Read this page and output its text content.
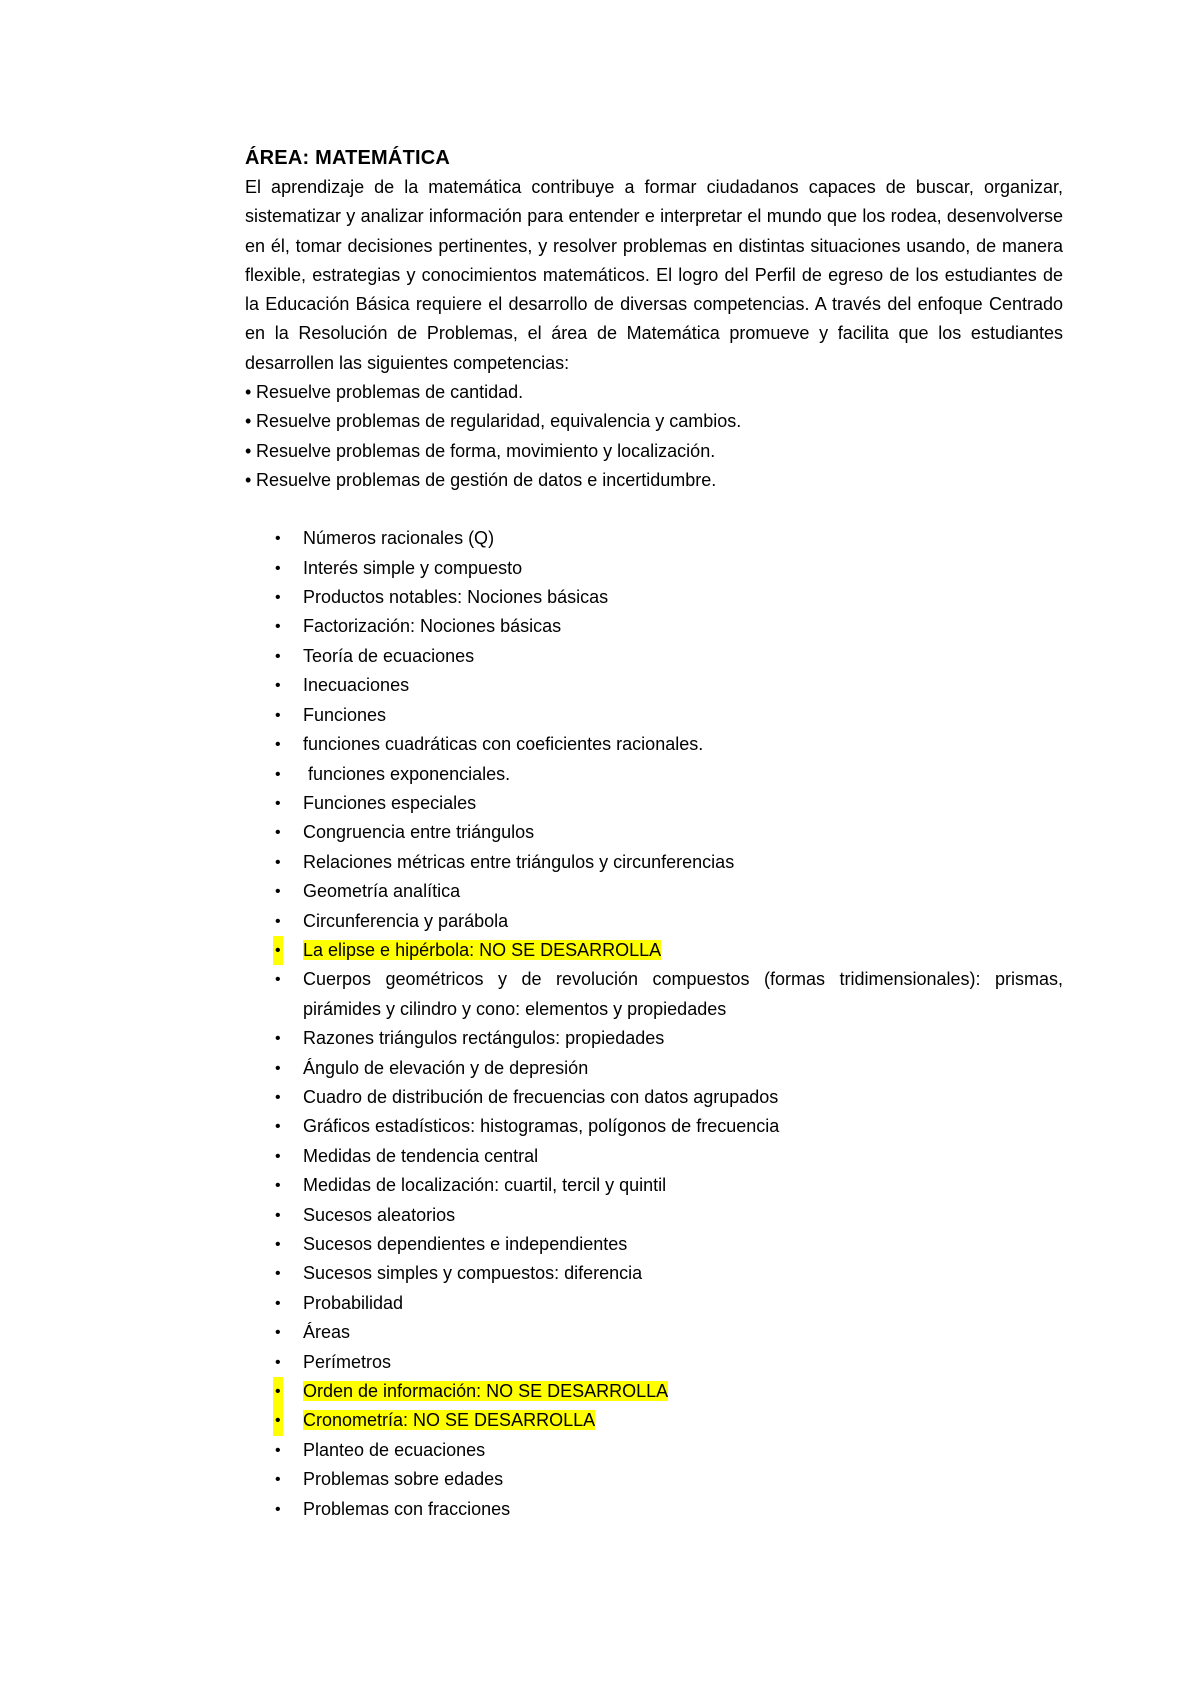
ÁREA: MATEMÁTICA

El aprendizaje de la matemática contribuye a formar ciudadanos capaces de buscar, organizar, sistematizar y analizar información para entender e interpretar el mundo que los rodea, desenvolverse en él, tomar decisiones pertinentes, y resolver problemas en distintas situaciones usando, de manera flexible, estrategias y conocimientos matemáticos. El logro del Perfil de egreso de los estudiantes de la Educación Básica requiere el desarrollo de diversas competencias. A través del enfoque Centrado en la Resolución de Problemas, el área de Matemática promueve y facilita que los estudiantes desarrollen las siguientes competencias:

• Resuelve problemas de cantidad.
• Resuelve problemas de regularidad, equivalencia y cambios.
• Resuelve problemas de forma, movimiento y localización.
• Resuelve problemas de gestión de datos e incertidumbre.
• Números racionales (Q)
• Interés simple y compuesto
• Productos notables: Nociones básicas
• Factorización: Nociones básicas
• Teoría de ecuaciones
• Inecuaciones
• Funciones
• funciones cuadráticas con coeficientes racionales.
• funciones exponenciales.
• Funciones especiales
• Congruencia entre triángulos
• Relaciones métricas entre triángulos y circunferencias
• Geometría analítica
• Circunferencia y parábola
• La elipse e hipérbola: NO SE DESARROLLA
• Cuerpos geométricos y de revolución compuestos (formas tridimensionales): prismas, pirámides y cilindro y cono: elementos y propiedades
• Razones triángulos rectángulos: propiedades
• Ángulo de elevación y de depresión
• Cuadro de distribución de frecuencias con datos agrupados
• Gráficos estadísticos: histogramas, polígonos de frecuencia
• Medidas de tendencia central
• Medidas de localización: cuartil, tercil y quintil
• Sucesos aleatorios
• Sucesos dependientes e independientes
• Sucesos simples y compuestos: diferencia
• Probabilidad
• Áreas
• Perímetros
• Orden de información: NO SE DESARROLLA
• Cronometría: NO SE DESARROLLA
• Planteo de ecuaciones
• Problemas sobre edades
• Problemas con fracciones
